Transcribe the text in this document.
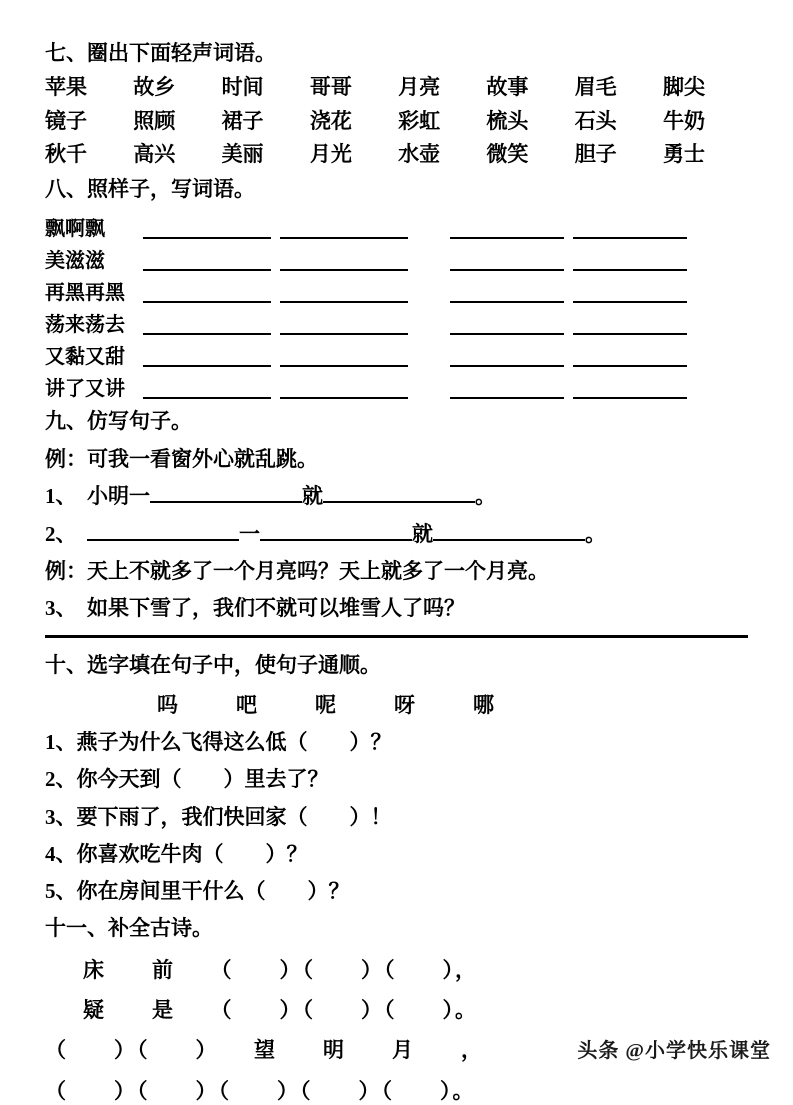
七、圈出下面轻声词语。
苹果 故乡 时间 哥哥 月亮 故事 眉毛 脚尖
镜子 照顾 裙子 浇花 彩虹 梳头 石头 牛奶
秋千 高兴 美丽 月光 水壶 微笑 胆子 勇士
八、照样子，写词语。
飘啊飘
美滋滋
再黑再黑
荡来荡去
又黏又甜
讲了又讲
九、仿写句子。

例：可我一看窗外心就乱跳。

1、　小明一	就	。

2、　	一	就	。

例：天上不就多了一个月亮吗？天上就多了一个月亮。

3、　如果下雪了，我们不就可以堆雪人了吗？

十、选字填在句子中，使句子通顺。

吗	吧	呢	呀	哪

1、燕子为什么飞得这么低（　　）？

2、你今天到（　　）里去了？

3、要下雨了，我们快回家（　　）！

4、你喜欢吃牛肉（　　）？

5、你在房间里干什么（　　）？

十一、补全古诗。

床　　前　　（　　）（　　）（　　），

疑　　是　　（　　）（　　）（　　）。

（　　）（　　）　　望　　明　　月　　，

（　　）（　　）（　　）（　　）（　　）。

头条 @小学快乐课堂
